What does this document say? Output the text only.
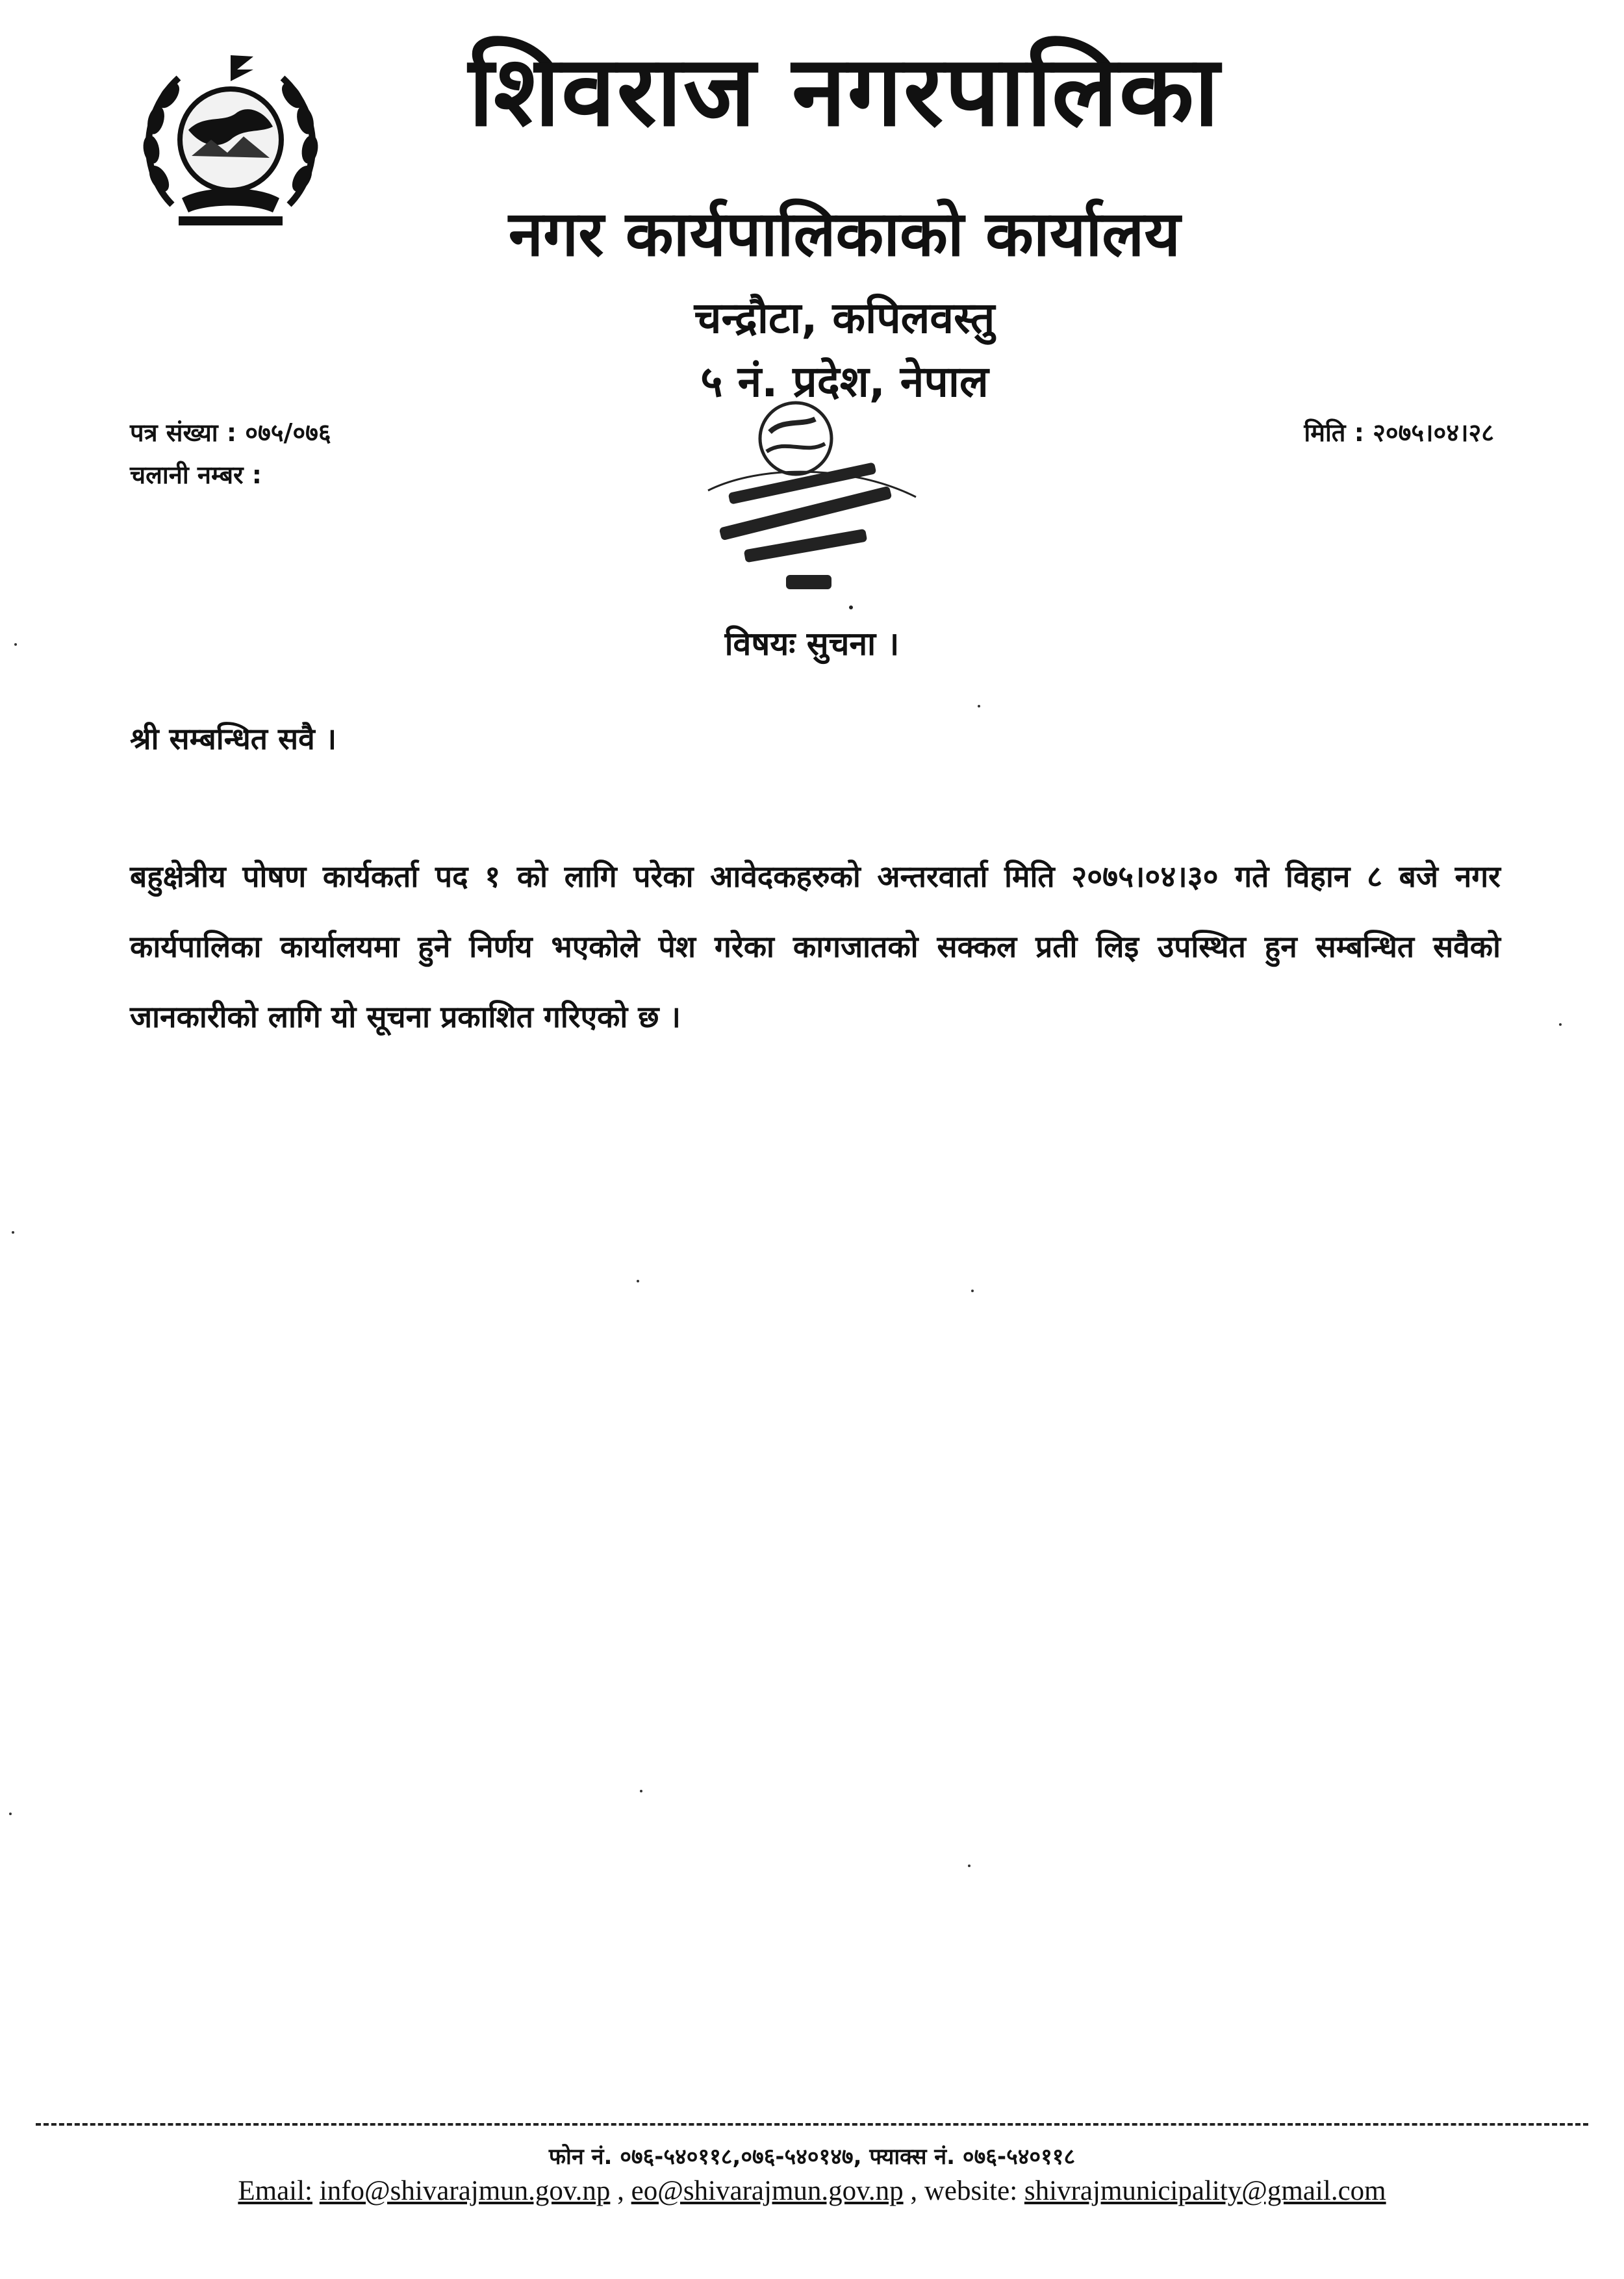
शिवराज नगरपालिका
नगर कार्यपालिकाको कार्यालय
चन्द्रौटा, कपिलवस्तु
५ नं. प्रदेश, नेपाल
पत्र संख्या : ०७५/०७६
चलानी नम्बर :
मिति : २०७५।०४।२८
विषयः सुचना ।
श्री सम्बन्धित सवै ।
बहुक्षेत्रीय पोषण कार्यकर्ता पद १ को लागि परेका आवेदकहरुको अन्तरवार्ता मिति २०७५।०४।३० गते विहान ८ बजे नगर कार्यपालिका कार्यालयमा हुने निर्णय भएकोले पेश गरेका कागजातको सक्कल प्रती लिइ उपस्थित हुन सम्बन्धित सवैको जानकारीको लागि यो सूचना प्रकाशित गरिएको छ ।
फोन नं. ०७६-५४०११८,०७६-५४०१४७, फ्याक्स नं. ०७६-५४०११८
Email: info@shivarajmun.gov.np , eo@shivarajmun.gov.np , website: shivrajmunicipality@gmail.com
